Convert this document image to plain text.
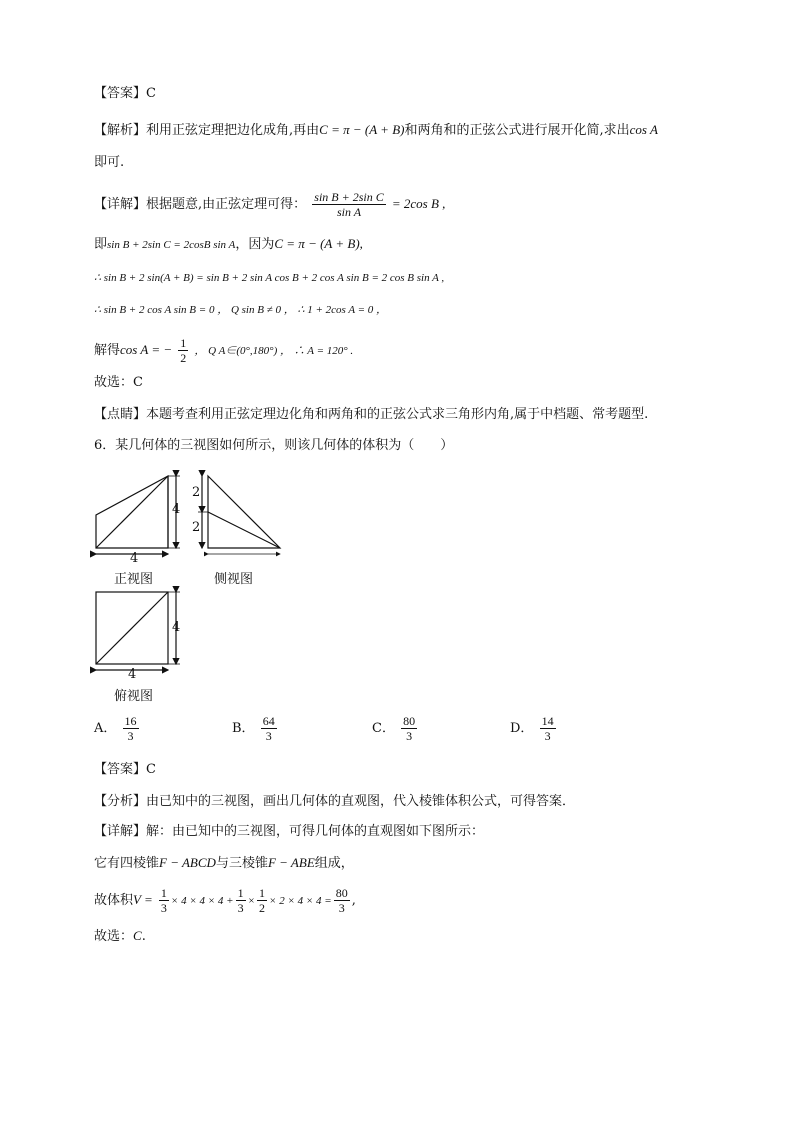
【答案】C
【解析】利用正弦定理把边化成角,再由C = π − (A + B)和两角和的正弦公式进行展开化简,求出cos A
即可.
【详解】根据题意,由正弦定理可得： $\frac{\text{sin B + 2sin C}}{\text{sin A}} = 2\cos$ B ,
即sin B + 2sin C = 2cosB sin A，因为C = π − (A + B),
∴ sin B + 2 sin(A + B) = sin B + 2 sin A cos B + 2 cos A sin B = 2 cos B sin A ,
∴ sin B + 2 cos A sin B = 0 ， Q sin B ≠ 0 ， ∴ 1 + 2cos A = 0 ，
解得cos A = − $\frac{1}{2}$ ， Q A∈(0°,180°) ， ∴ A = 120° .
故选：C
【点睛】本题考查利用正弦定理边化角和两角和的正弦公式求三角形内角,属于中档题、常考题型.
6．某几何体的三视图如何所示，则该几何体的体积为（　　）
4
4
正视图
2
2
侧视图
4
4
俯视图
A． $\frac{16}{3}$	B． $\frac{64}{3}$	C． $\frac{80}{3}$	D． $\frac{14}{3}$
【答案】C
【分析】由已知中的三视图，画出几何体的直观图，代入棱锥体积公式，可得答案．
【详解】解：由已知中的三视图，可得几何体的直观图如下图所示：
它有四棱锥F − ABCD与三棱锥F − ABE组成，
故体积$V = \frac{1}{3} \times 4 \times 4 \times 4 + \frac{1}{3} \times \frac{1}{2} \times 2 \times 4 \times 4 = \frac{80}{3}$ ,
故选：C.
